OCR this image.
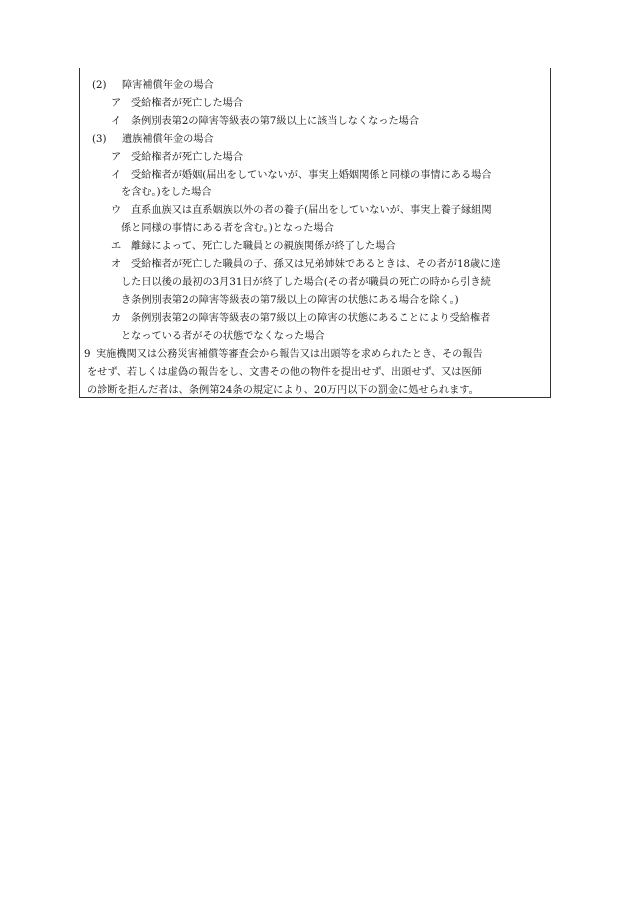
(2) 障害補償年金の場合
ア 受給権者が死亡した場合
イ 条例別表第2の障害等級表の第7級以上に該当しなくなった場合
(3) 遺族補償年金の場合
ア 受給権者が死亡した場合
イ 受給権者が婚姻(届出をしていないが、事実上婚姻関係と同様の事情にある場合
を含む。)をした場合
ウ 直系血族又は直系姻族以外の者の養子(届出をしていないが、事実上養子縁組関
係と同様の事情にある者を含む。)となった場合
エ 離縁によって、死亡した職員との親族関係が終了した場合
オ 受給権者が死亡した職員の子、孫又は兄弟姉妹であるときは、その者が18歳に達
した日以後の最初の3月31日が終了した場合(その者が職員の死亡の時から引き続
き条例別表第2の障害等級表の第7級以上の障害の状態にある場合を除く。)
カ 条例別表第2の障害等級表の第7級以上の障害の状態にあることにより受給権者
となっている者がその状態でなくなった場合
9 実施機関又は公務災害補償等審査会から報告又は出頭等を求められたとき、その報告
をせず、若しくは虚偽の報告をし、文書その他の物件を提出せず、出頭せず、又は医師
の診断を拒んだ者は、条例第24条の規定により、20万円以下の罰金に処せられます。
